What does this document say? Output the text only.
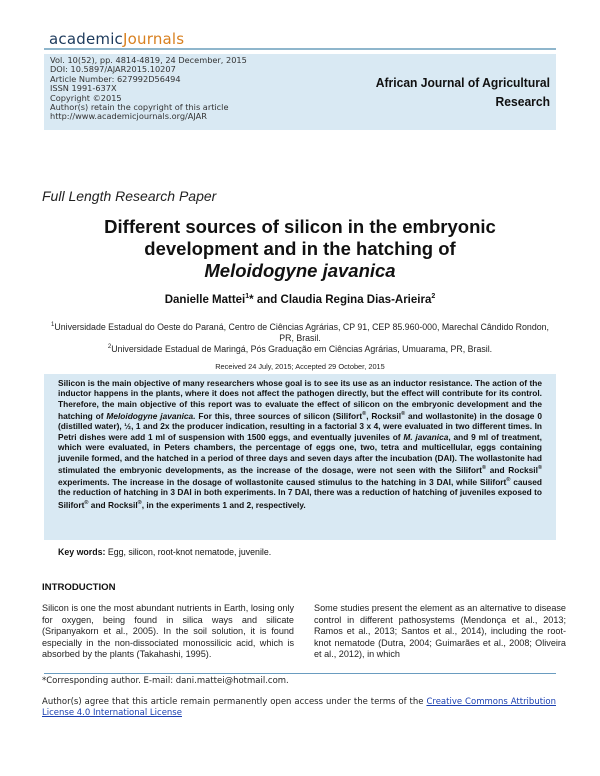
academicJournals
Vol. 10(52), pp. 4814-4819, 24 December, 2015
DOI: 10.5897/AJAR2015.10207
Article Number: 627992D56494
ISSN 1991-637X
Copyright ©2015
Author(s) retain the copyright of this article
http://www.academicjournals.org/AJAR
African Journal of Agricultural
Research
Full Length Research Paper
Different sources of silicon in the embryonic
development and in the hatching of
Meloidogyne javanica
Danielle Mattei$^1$* and Claudia Regina Dias-Arieira$^2$
$^1$Universidade Estadual do Oeste do Paraná, Centro de Ciências Agrárias, CP 91, CEP 85.960-000, Marechal Cândido Rondon, PR, Brasil.
$^2$Universidade Estadual de Maringá, Pós Graduação em Ciências Agrárias, Umuarama, PR, Brasil.
Received 24 July, 2015; Accepted 29 October, 2015

Silicon is the main objective of many researchers whose goal is to see its use as an inductor resistance. The action of the inductor happens in the plants, where it does not affect the pathogen directly, but the effect will contribute for its control. Therefore, the main objective of this report was to evaluate the effect of silicon on the embryonic development and the hatching of Meloidogyne javanica. For this, three sources of silicon (Silifort®, Rocksil® and wollastonite) in the dosage 0 (distilled water), ½, 1 and 2x the producer indication, resulting in a factorial 3 x 4, were evaluated in two different times. In Petri dishes were add 1 ml of suspension with 1500 eggs, and eventually juveniles of M. javanica, and 9 ml of treatment, which were evaluated, in Peters chambers, the percentage of eggs one, two, tetra and multicellular, eggs containing juvenile formed, and the hatched in a period of three days and seven days after the incubation (DAI). The wollastonite had stimulated the embryonic developments, as the increase of the dosage, were not seen with the Silifort® and Rocksil® experiments. The increase in the dosage of wollastonite caused stimulus to the hatching in 3 DAI, while Silifort® caused the reduction of hatching in 3 DAI in both experiments. In 7 DAI, there was a reduction of hatching of juveniles exposed to Silifort® and Rocksil®, in the experiments 1 and 2, respectively.

Key words: Egg, silicon, root-knot nematode, juvenile.
INTRODUCTION

Silicon is one the most abundant nutrients in Earth, losing only for oxygen, being found in silica ways and silicate (Sripanyakorn et al., 2005). In the soil solution, it is found especially in the non-dissociated monossilicic acid, which is absorbed by the plants (Takahashi, 1995).

Some studies present the element as an alternative to disease control in different pathosystems (Mendonça et al., 2013; Ramos et al., 2013; Santos et al., 2014), including the root-knot nematode (Dutra, 2004; Guimarães et al., 2008; Oliveira et al., 2012), in which

*Corresponding author. E-mail: dani.mattei@hotmail.com.
Author(s) agree that this article remain permanently open access under the terms of the Creative Commons Attribution License 4.0 International License
